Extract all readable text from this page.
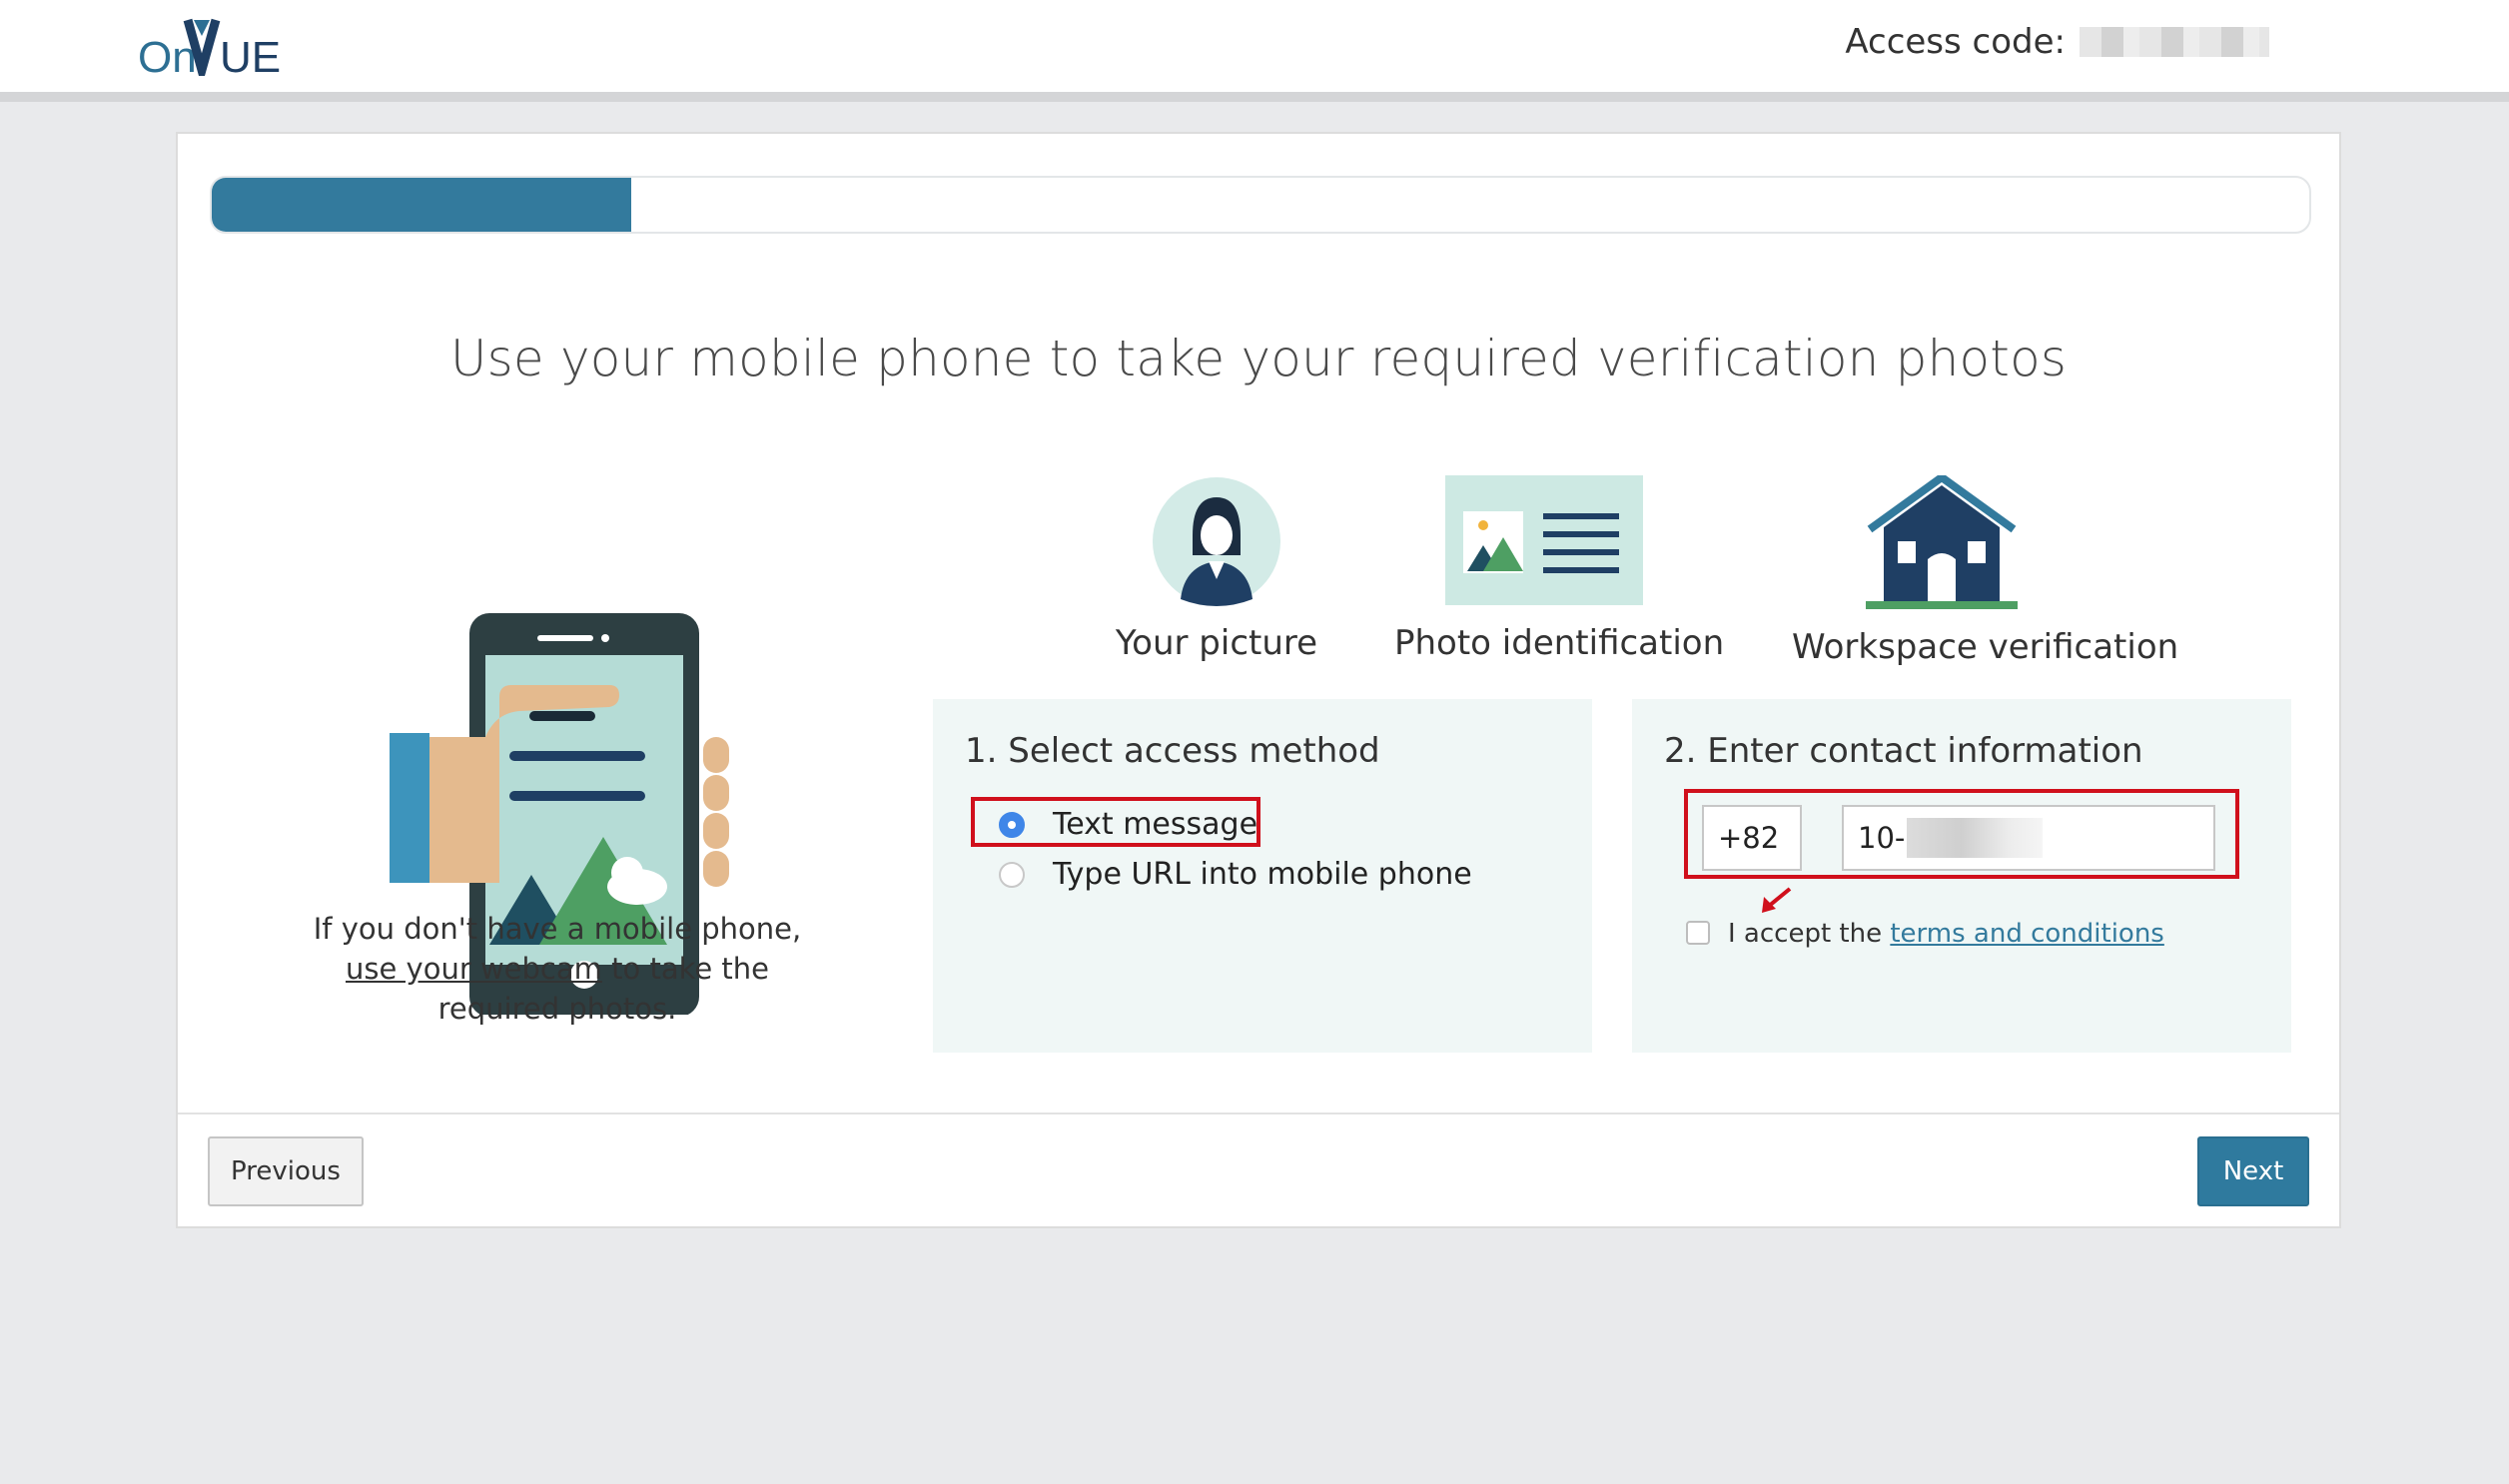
On UE	Access code:
Use your mobile phone to take your required verification photos
If you don't have a mobile phone, use your webcam to take the required photos.
Your picture	Photo identification Workspace verification
1. Select access method
Text message
Type URL into mobile phone
2. Enter contact information
+82	10-
I accept the terms and conditions
Previous	Next
